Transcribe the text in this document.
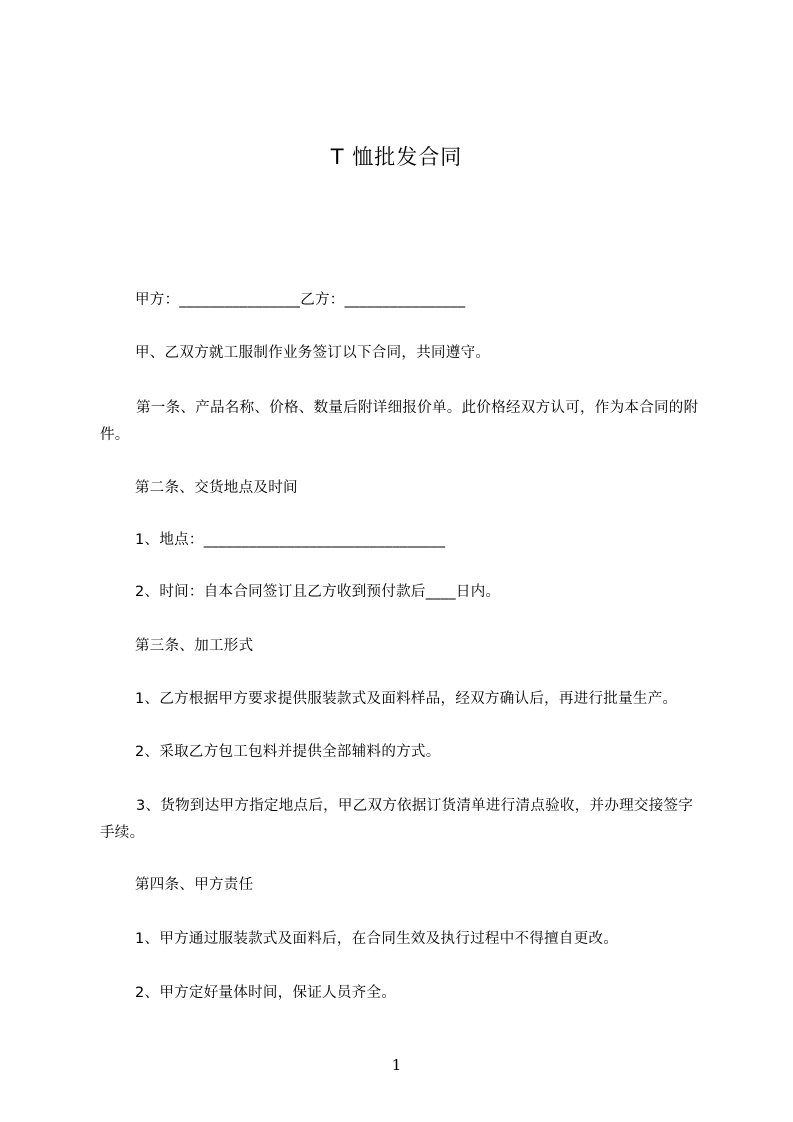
T 恤批发合同
甲方：________________乙方：________________
甲、乙双方就工服制作业务签订以下合同，共同遵守。
第一条、产品名称、价格、数量后附详细报价单。此价格经双方认可，作为本合同的附件。
第二条、交货地点及时间
1、地点：________________________________
2、时间：自本合同签订且乙方收到预付款后____日内。
第三条、加工形式
1、乙方根据甲方要求提供服装款式及面料样品，经双方确认后，再进行批量生产。
2、采取乙方包工包料并提供全部辅料的方式。
3、货物到达甲方指定地点后，甲乙双方依据订货清单进行清点验收，并办理交接签字手续。
第四条、甲方责任
1、甲方通过服装款式及面料后，在合同生效及执行过程中不得擅自更改。
2、甲方定好量体时间，保证人员齐全。
1
